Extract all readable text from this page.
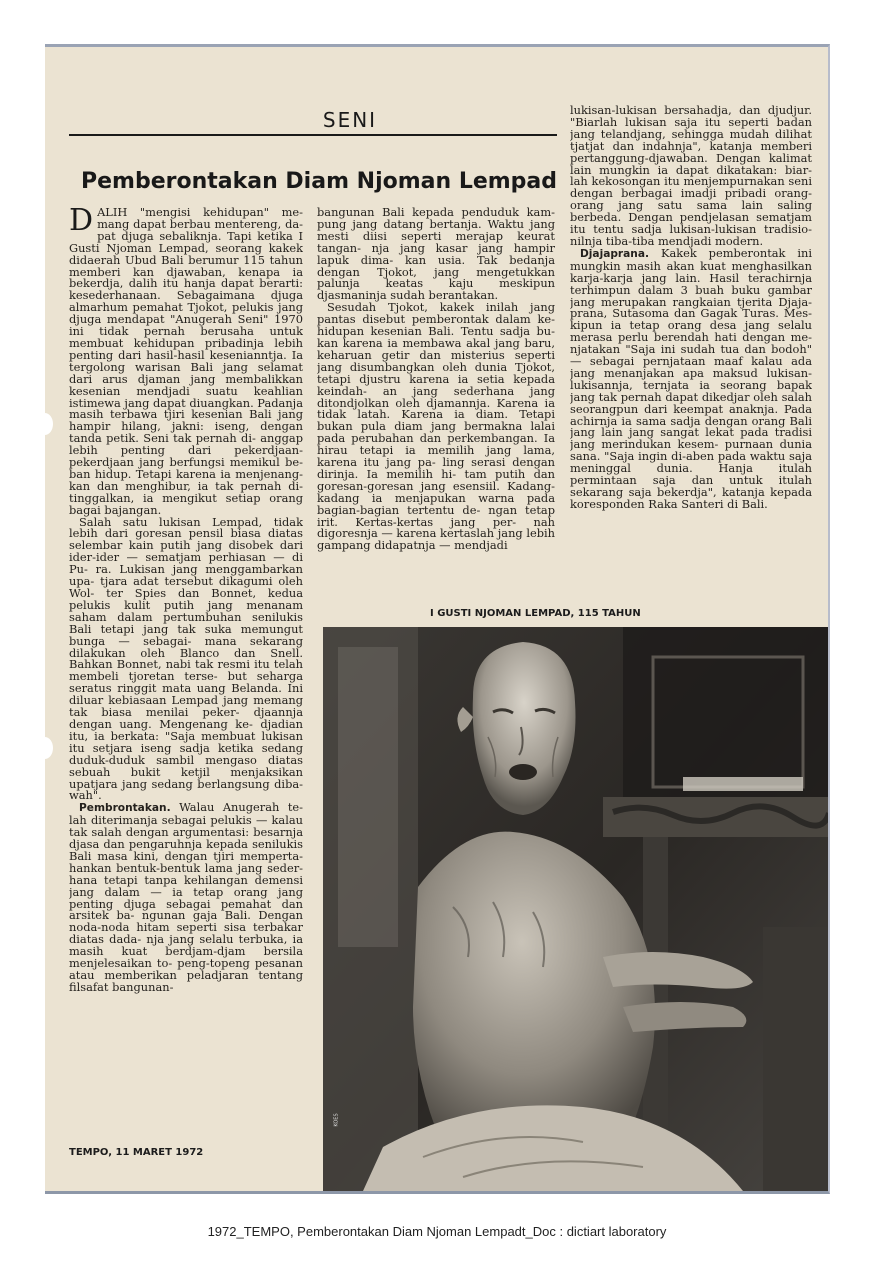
SENI
Pemberontakan Diam Njoman Lempad

DALIH "mengisi kehidupan" me- mang dapat berbau mentereng, da- pat djuga sebaliknja. Tapi ketika I Gusti Njoman Lempad, seorang kakek didaerah Ubud Bali berumur 115 tahun memberi kan djawaban, kenapa ia bekerdja, dalih itu hanja dapat berarti: kesederhanaan. Sebagaimana djuga almarhum pemahat Tjokot, pelukis jang djuga mendapat "Anugerah Seni" 1970 ini tidak pernah berusaha untuk membuat kehidupan pribadinja lebih penting dari hasil-hasil kesenianntja. Ia tergolong warisan Bali jang selamat dari arus djaman jang membalikkan kesenian mendjadi suatu keahlian istimewa jang dapat diuangkan. Padanja masih terbawa tjiri kesenian Bali jang hampir hilang, jakni: iseng, dengan tanda petik. Seni tak pernah di- anggap lebih penting dari pekerdjaan- pekerdjaan jang berfungsi memikul be- ban hidup. Tetapi karena ia menjenang- kan dan menghibur, ia tak pernah di- tinggalkan, ia mengikut setiap orang bagai bajangan.

Salah satu lukisan Lempad, tidak lebih dari goresan pensil biasa diatas selembar kain putih jang disobek dari ider-ider — sematjam perhiasan — di Pu- ra. Lukisan jang menggambarkan upa- tjara adat tersebut dikagumi oleh Wol- ter Spies dan Bonnet, kedua pelukis kulit putih jang menanam saham dalam pertumbuhan senilukis Bali tetapi jang tak suka memungut bunga — sebagai- mana sekarang dilakukan oleh Blanco dan Snell. Bahkan Bonnet, nabi tak resmi itu telah membeli tjoretan terse- but seharga seratus ringgit mata uang Belanda. Ini diluar kebiasaan Lempad jang memang tak biasa menilai peker- djaannja dengan uang. Mengenang ke- djadian itu, ia berkata: "Saja membuat lukisan itu setjara iseng sadja ketika sedang duduk-duduk sambil mengaso diatas sebuah bukit ketjil menjaksikan upatjara jang sedang berlangsung diba- wah".

Pembrontakan. Walau Anugerah te- lah diterimanja sebagai pelukis — kalau tak salah dengan argumentasi: besarnja djasa dan pengaruhnja kepada senilukis Bali masa kini, dengan tjiri memperta- hankan bentuk-bentuk lama jang seder- hana tetapi tanpa kehilangan demensi jang dalam — ia tetap orang jang penting djuga sebagai pemahat dan arsitek ba- ngunan gaja Bali. Dengan noda-noda hitam seperti sisa terbakar diatas dada- nja jang selalu terbuka, ia masih kuat berdjam-djam bersila menjelesaikan to- peng-topeng pesanan atau memberikan peladjaran tentang filsafat bangunan-

bangunan Bali kepada penduduk kam- pung jang datang bertanja. Waktu jang mesti diisi seperti merajap keurat tangan- nja jang kasar jang hampir lapuk dima- kan usia. Tak bedanja dengan Tjokot, jang mengetukkan palunja keatas kaju meskipun djasmaninja sudah berantakan.

Sesudah Tjokot, kakek inilah jang pantas disebut pemberontak dalam ke- hidupan kesenian Bali. Tentu sadja bu- kan karena ia membawa akal jang baru, keharuan getir dan misterius seperti jang disumbangkan oleh dunia Tjokot, tetapi djustru karena ia setia kepada keindah- an jang sederhana jang ditondjolkan oleh djamannja. Karena ia tidak latah. Karena ia diam. Tetapi bukan pula diam jang bermakna lalai pada perubahan dan perkembangan. Ia hirau tetapi ia memilih jang lama, karena itu jang pa- ling serasi dengan dirinja. Ia memilih hi- tam putih dan goresan-goresan jang esensiil. Kadang-kadang ia menjapukan warna pada bagian-bagian tertentu de- ngan tetap irit. Kertas-kertas jang per- nah digoresnja — karena kertaslah jang lebih gampang didapatnja — mendjadi

lukisan-lukisan bersahadja, dan djudjur. "Biarlah lukisan saja itu seperti badan jang telandjang, sehingga mudah dilihat tjatjat dan indahnja", katanja memberi pertanggung-djawaban. Dengan kalimat lain mungkin ia dapat dikatakan: biar- lah kekosongan itu menjempurnakan seni dengan berbagai imadji pribadi orang-orang jang satu sama lain saling berbeda. Dengan pendjelasan sematjam itu tentu sadja lukisan-lukisan tradisio- nilnja tiba-tiba mendjadi modern.

Djajaprana. Kakek pemberontak ini mungkin masih akan kuat menghasilkan karja-karja jang lain. Hasil terachirnja terhimpun dalam 3 buah buku gambar jang merupakan rangkaian tjerita Djaja- prana, Sutasoma dan Gagak Turas. Mes- kipun ia tetap orang desa jang selalu merasa perlu berendah hati dengan me- njatakan "Saja ini sudah tua dan bodoh" — sebagai pernjataan maaf kalau ada jang menanjakan apa maksud lukisan- lukisannja, ternjata ia seorang bapak jang tak pernah dapat dikedjar oleh salah seorangpun dari keempat anaknja. Pada achirnja ia sama sadja dengan orang Bali jang lain jang sangat lekat pada tradisi jang merindukan kesem- purnaan dunia sana. "Saja ingin di-aben pada waktu saja meninggal dunia. Hanja itulah permintaan saja dan untuk itulah sekarang saja bekerdja", katanja kepada koresponden Raka Santeri di Bali.

I GUSTI NJOMAN LEMPAD, 115 TAHUN
KOES
TEMPO, 11 MARET 1972
1972_TEMPO, Pemberontakan Diam Njoman Lempadt_Doc : dictiart laboratory
